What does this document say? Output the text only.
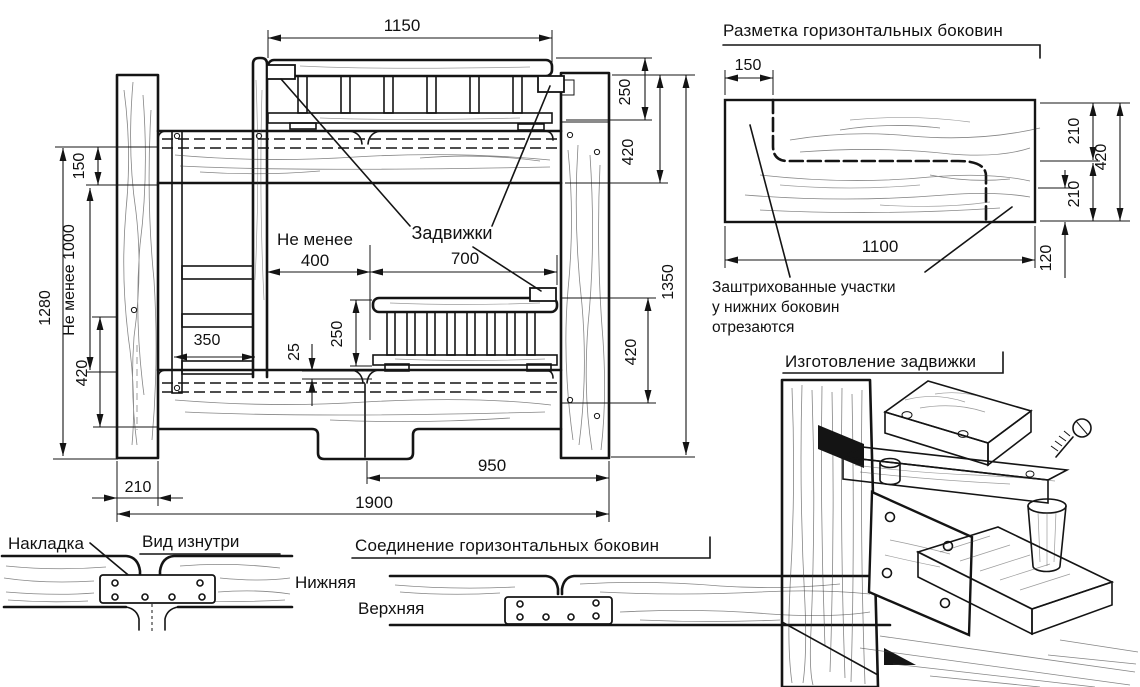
1150
250
420
1350
420
150
Не менее 1000
1280
420
210
950
1900
350
25
250
Не менее
400	700
Задвижки
Разметка горизонтальных боковин
150
210
420
210
120
1100
Заштрихованные участки
у нижних боковин
отрезаются
Накладка	Вид изнутри	Соединение горизонтальных боковин
Нижняя
Верхняя
Изготовление задвижки
